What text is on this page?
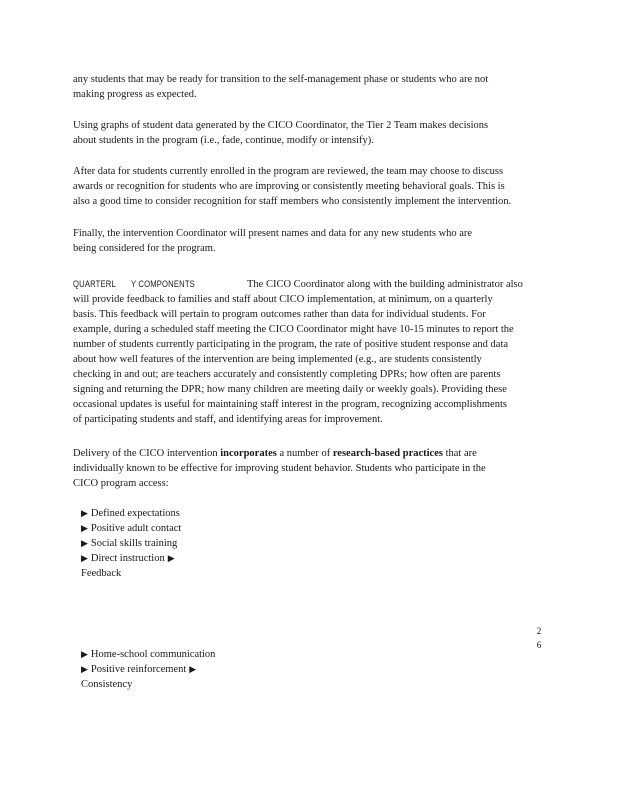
any students that may be ready for transition to the self-management phase or students who are not
making progress as expected.

Using graphs of student data generated by the CICO Coordinator, the Tier 2 Team makes decisions
about students in the program (i.e., fade, continue, modify or intensify).

After data for students currently enrolled in the program are reviewed, the team may choose to discuss
awards or recognition for students who are improving or consistently meeting behavioral goals. This is
also a good time to consider recognition for staff members who consistently implement the intervention.

Finally, the intervention Coordinator will present names and data for any new students who are
being considered for the program.

QUARTERL Y COMPONENTS	The CICO Coordinator along with the building administrator also
will provide feedback to families and staff about CICO implementation, at minimum, on a quarterly
basis. This feedback will pertain to program outcomes rather than data for individual students. For
example, during a scheduled staff meeting the CICO Coordinator might have 10-15 minutes to report the
number of students currently participating in the program, the rate of positive student response and data
about how well features of the intervention are being implemented (e.g., are students consistently
checking in and out; are teachers accurately and consistently completing DPRs; how often are parents
signing and returning the DPR; how many children are meeting daily or weekly goals). Providing these
occasional updates is useful for maintaining staff interest in the program, recognizing accomplishments
of participating students and staff, and identifying areas for improvement.

Delivery of the CICO intervention incorporates a number of research-based practices that are
individually known to be effective for improving student behavior. Students who participate in the
CICO program access:

▶ Defined expectations
▶ Positive adult contact
▶ Social skills training
▶ Direct instruction ▶
Feedback
2
6
▶ Home-school communication
▶ Positive reinforcement ▶
Consistency
